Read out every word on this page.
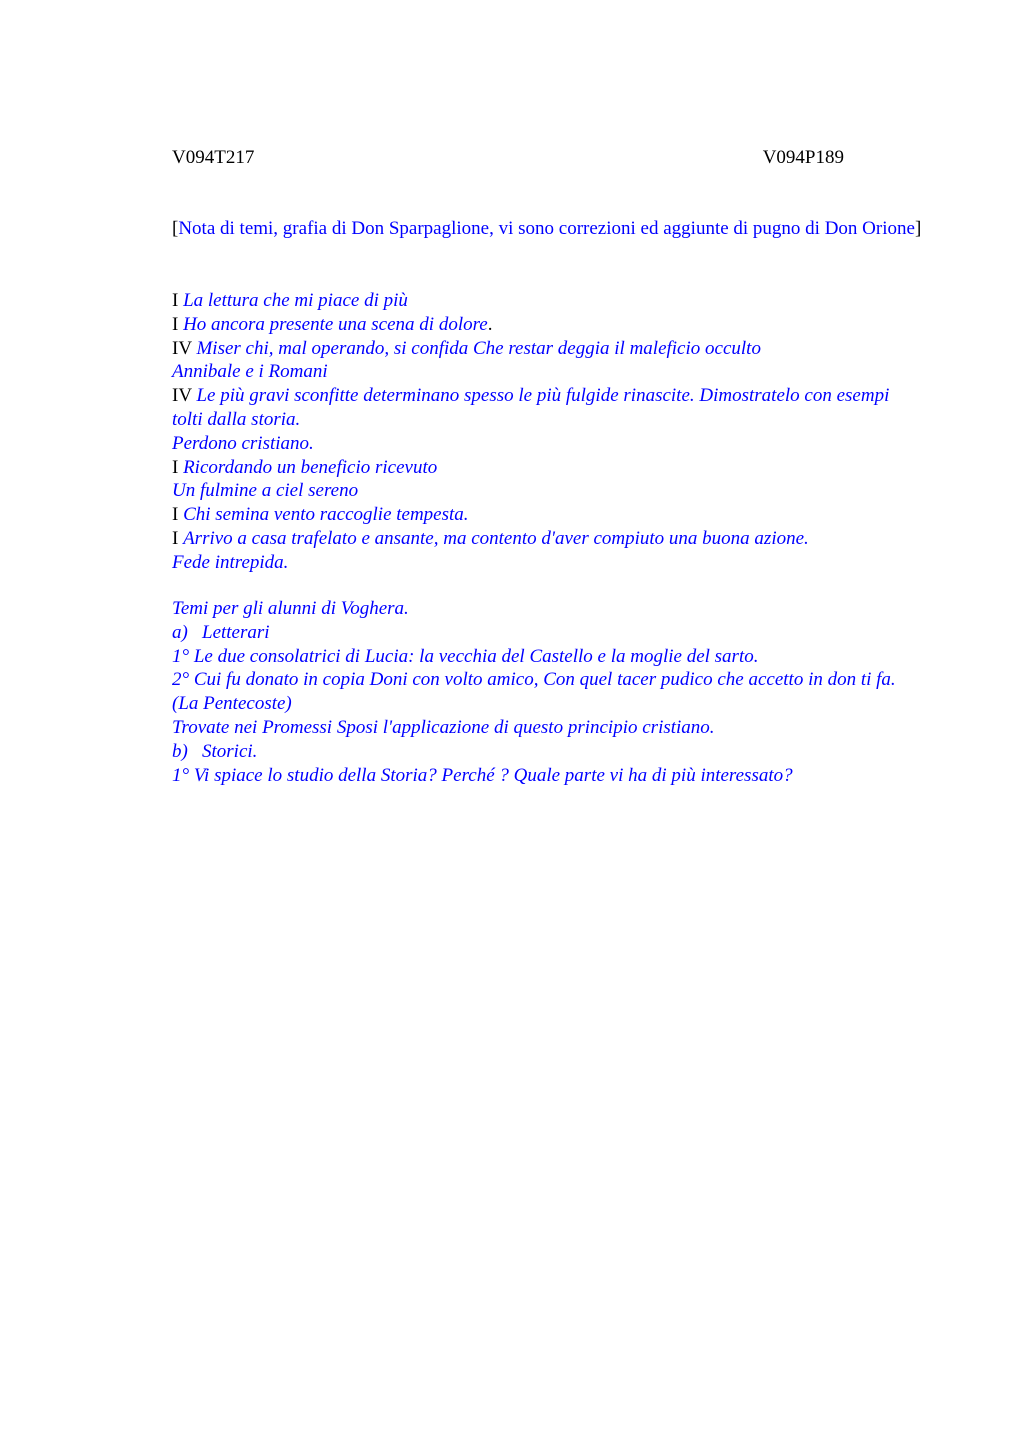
V094T217	V094P189
[Nota di temi, grafia di Don Sparpaglione, vi sono correzioni ed aggiunte di pugno di Don Orione]
I La lettura che mi piace di più
I Ho ancora presente una scena di dolore.
IV Miser chi, mal operando, si confida Che restar deggia il maleficio occulto
Annibale e i Romani
IV Le più gravi sconfitte determinano spesso le più fulgide rinascite. Dimostratelo con esempi tolti dalla storia.
Perdono cristiano.
I Ricordando un beneficio ricevuto
Un fulmine a ciel sereno
I Chi semina vento raccoglie tempesta.
I Arrivo a casa trafelato e ansante, ma contento d'aver compiuto una buona azione.
Fede intrepida.
Temi per gli alunni di Voghera.
a) Letterari
1° Le due consolatrici di Lucia: la vecchia del Castello e la moglie del sarto.
2° Cui fu donato in copia Doni con volto amico, Con quel tacer pudico che accetto in don ti fa. (La Pentecoste)
Trovate nei Promessi Sposi l'applicazione di questo principio cristiano.
b) Storici.
1° Vi spiace lo studio della Storia? Perché ? Quale parte vi ha di più interessato?
